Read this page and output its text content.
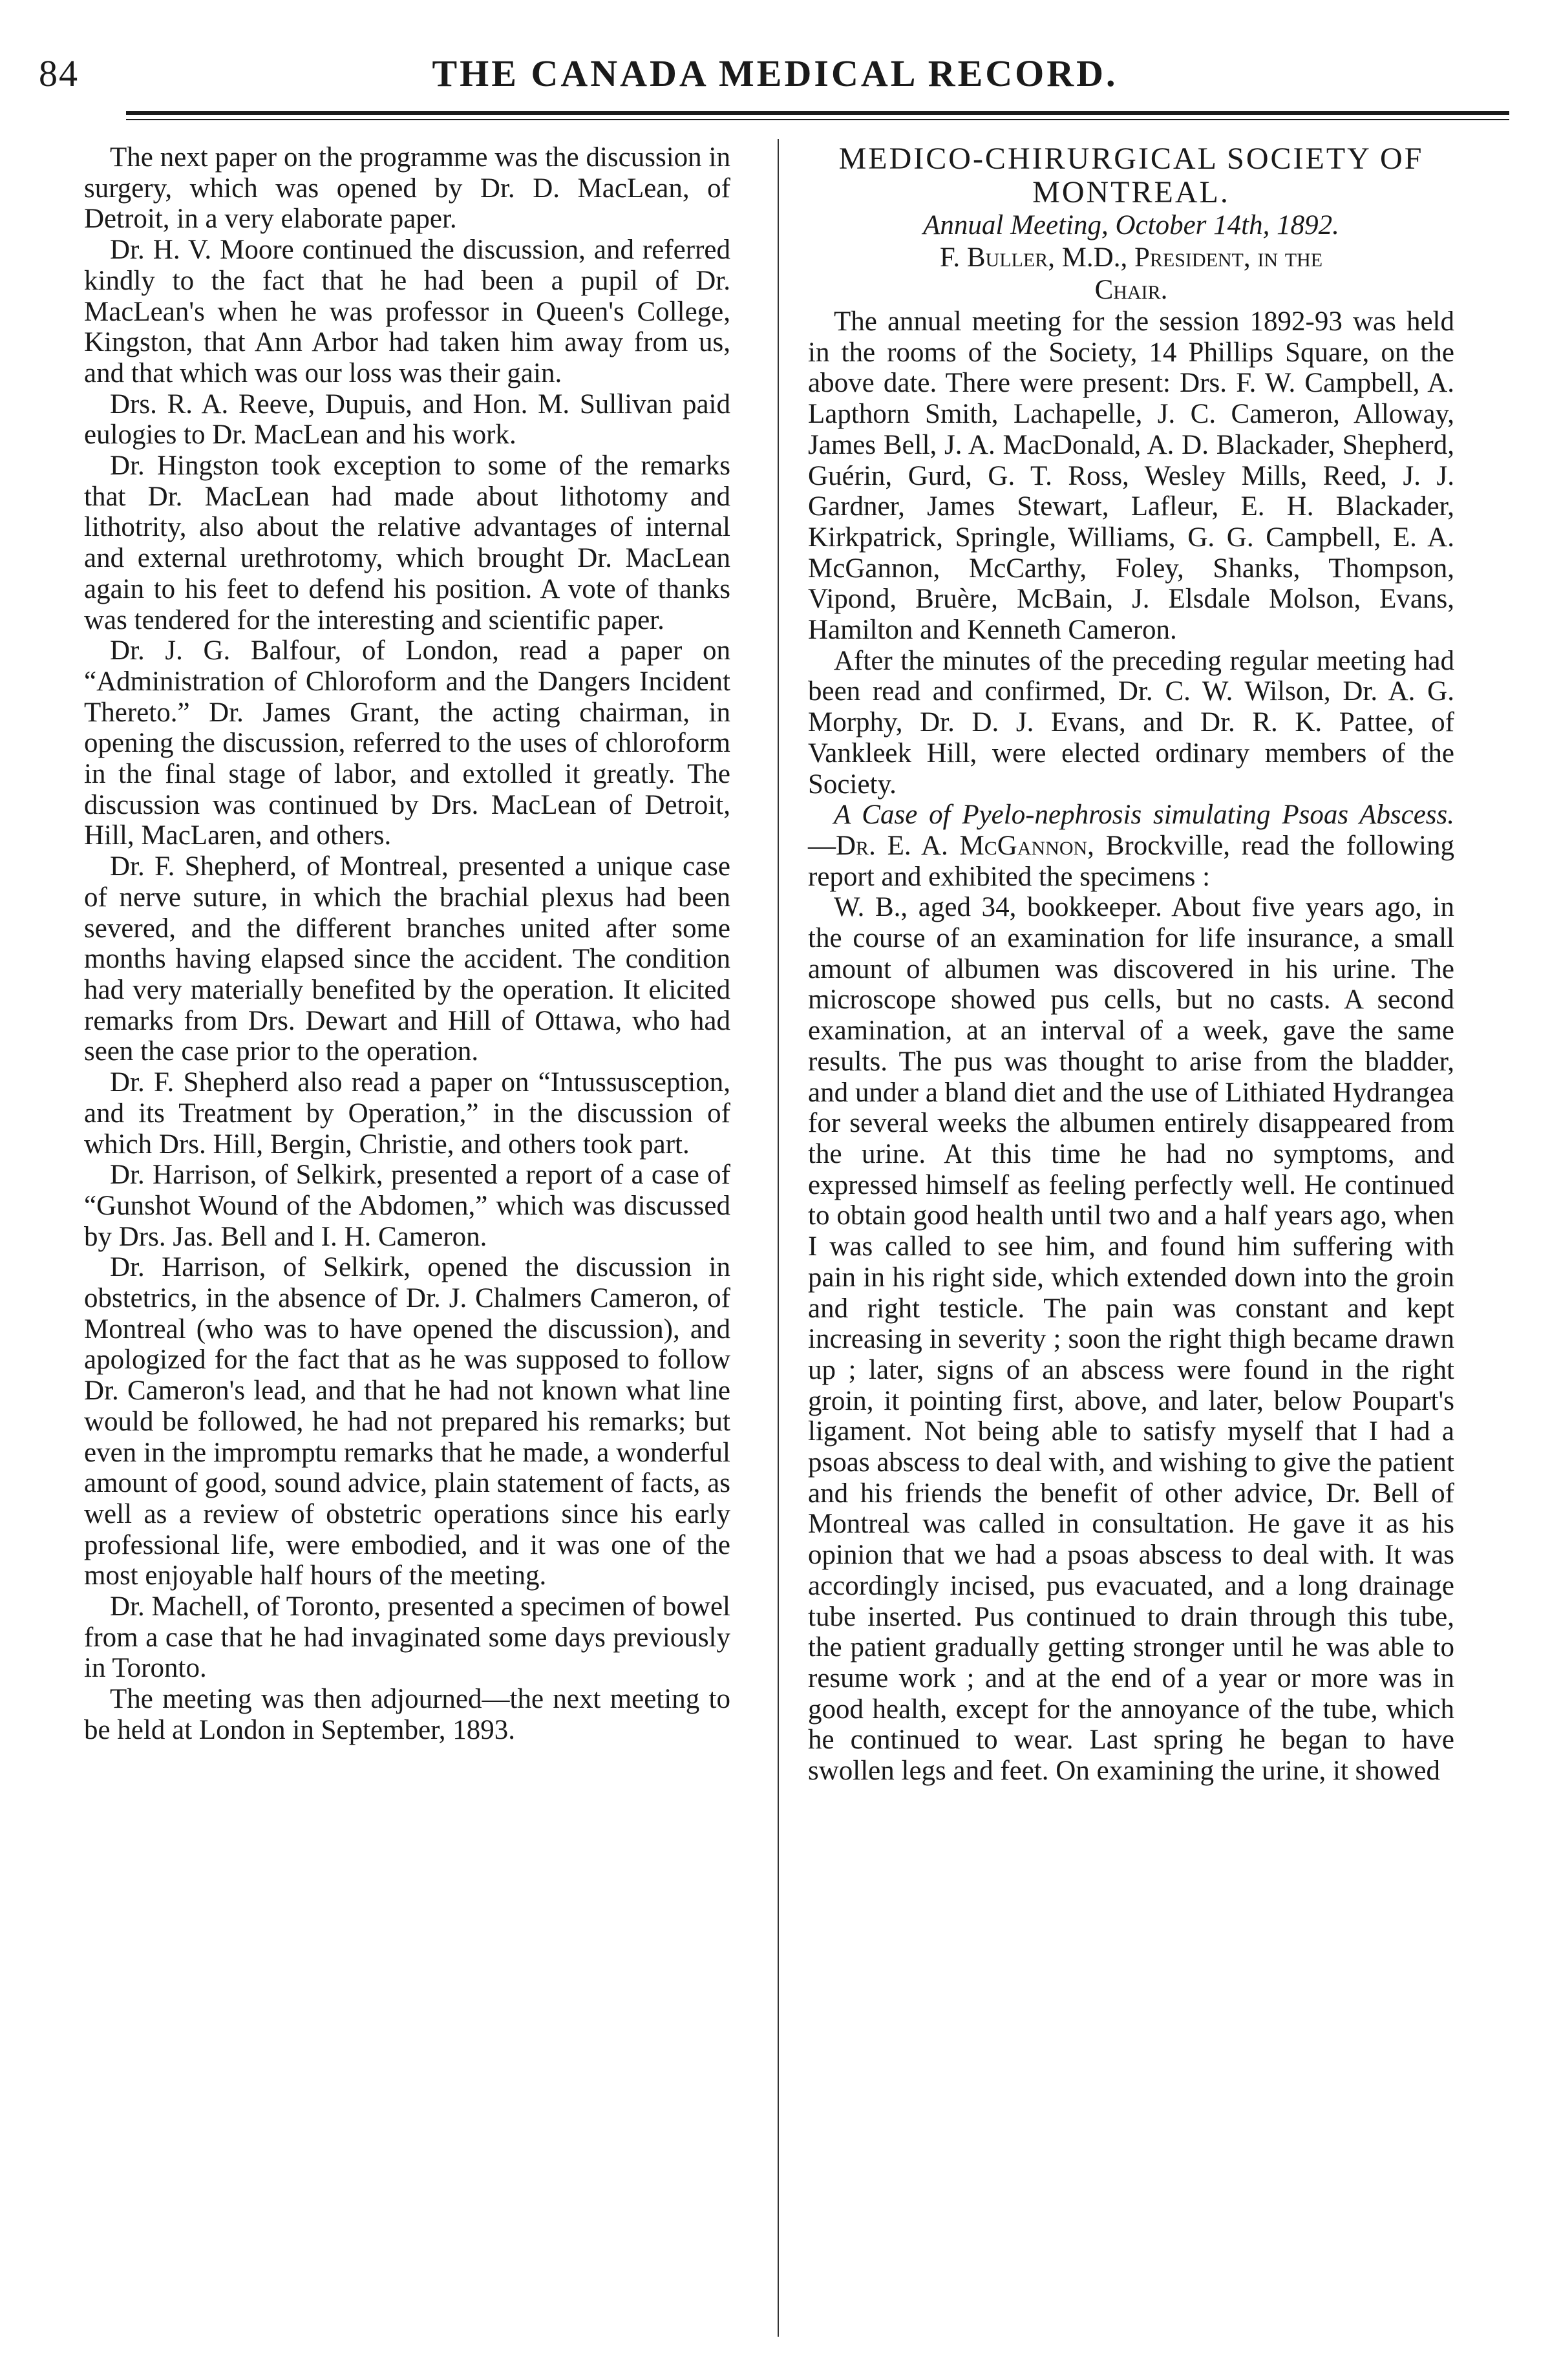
84	THE CANADA MEDICAL RECORD.

The next paper on the programme was the discussion in surgery, which was opened by Dr. D. MacLean, of Detroit, in a very elaborate paper.

Dr. H. V. Moore continued the discussion, and referred kindly to the fact that he had been a pupil of Dr. MacLean's when he was professor in Queen's College, Kingston, that Ann Arbor had taken him away from us, and that which was our loss was their gain.

Drs. R. A. Reeve, Dupuis, and Hon. M. Sullivan paid eulogies to Dr. MacLean and his work.

Dr. Hingston took exception to some of the remarks that Dr. MacLean had made about lithotomy and lithotrity, also about the relative advantages of internal and external urethrotomy, which brought Dr. MacLean again to his feet to defend his position. A vote of thanks was tendered for the interesting and scientific paper.

Dr. J. G. Balfour, of London, read a paper on “Administration of Chloroform and the Dangers Incident Thereto.” Dr. James Grant, the acting chairman, in opening the discussion, referred to the uses of chloroform in the final stage of labor, and extolled it greatly. The discussion was continued by Drs. MacLean of Detroit, Hill, MacLaren, and others.

Dr. F. Shepherd, of Montreal, presented a unique case of nerve suture, in which the brachial plexus had been severed, and the different branches united after some months having elapsed since the accident. The condition had very materially benefited by the operation. It elicited remarks from Drs. Dewart and Hill of Ottawa, who had seen the case prior to the operation.

Dr. F. Shepherd also read a paper on “Intussusception, and its Treatment by Operation,” in the discussion of which Drs. Hill, Bergin, Christie, and others took part.

Dr. Harrison, of Selkirk, presented a report of a case of “Gunshot Wound of the Abdomen,” which was discussed by Drs. Jas. Bell and I. H. Cameron.

Dr. Harrison, of Selkirk, opened the discussion in obstetrics, in the absence of Dr. J. Chalmers Cameron, of Montreal (who was to have opened the discussion), and apologized for the fact that as he was supposed to follow Dr. Cameron's lead, and that he had not known what line would be followed, he had not prepared his remarks; but even in the impromptu remarks that he made, a wonderful amount of good, sound advice, plain statement of facts, as well as a review of obstetric operations since his early professional life, were embodied, and it was one of the most enjoyable half hours of the meeting.

Dr. Machell, of Toronto, presented a specimen of bowel from a case that he had invaginated some days previously in Toronto.

The meeting was then adjourned—the next meeting to be held at London in September, 1893.

MEDICO-CHIRURGICAL SOCIETY OF

MONTREAL.

Annual Meeting, October 14th, 1892.

F. Buller, M.D., President, in the

Chair.

The annual meeting for the session 1892-93 was held in the rooms of the Society, 14 Phillips Square, on the above date. There were present: Drs. F. W. Campbell, A. Lapthorn Smith, Lachapelle, J. C. Cameron, Alloway, James Bell, J. A. MacDonald, A. D. Blackader, Shepherd, Guérin, Gurd, G. T. Ross, Wesley Mills, Reed, J. J. Gardner, James Stewart, Lafleur, E. H. Blackader, Kirkpatrick, Springle, Williams, G. G. Campbell, E. A. McGannon, McCarthy, Foley, Shanks, Thompson, Vipond, Bruère, McBain, J. Elsdale Molson, Evans, Hamilton and Kenneth Cameron.

After the minutes of the preceding regular meeting had been read and confirmed, Dr. C. W. Wilson, Dr. A. G. Morphy, Dr. D. J. Evans, and Dr. R. K. Pattee, of Vankleek Hill, were elected ordinary members of the Society.

A Case of Pyelo-nephrosis simulating Psoas Abscess.—Dr. E. A. McGannon, Brockville, read the following report and exhibited the specimens :

W. B., aged 34, bookkeeper. About five years ago, in the course of an examination for life insurance, a small amount of albumen was discovered in his urine. The microscope showed pus cells, but no casts. A second examination, at an interval of a week, gave the same results. The pus was thought to arise from the bladder, and under a bland diet and the use of Lithiated Hydrangea for several weeks the albumen entirely disappeared from the urine. At this time he had no symptoms, and expressed himself as feeling perfectly well. He continued to obtain good health until two and a half years ago, when I was called to see him, and found him suffering with pain in his right side, which extended down into the groin and right testicle. The pain was constant and kept increasing in severity ; soon the right thigh became drawn up ; later, signs of an abscess were found in the right groin, it pointing first, above, and later, below Poupart's ligament. Not being able to satisfy myself that I had a psoas abscess to deal with, and wishing to give the patient and his friends the benefit of other advice, Dr. Bell of Montreal was called in consultation. He gave it as his opinion that we had a psoas abscess to deal with. It was accordingly incised, pus evacuated, and a long drainage tube inserted. Pus continued to drain through this tube, the patient gradually getting stronger until he was able to resume work ; and at the end of a year or more was in good health, except for the annoyance of the tube, which he continued to wear. Last spring he began to have swollen legs and feet. On examining the urine, it showed
